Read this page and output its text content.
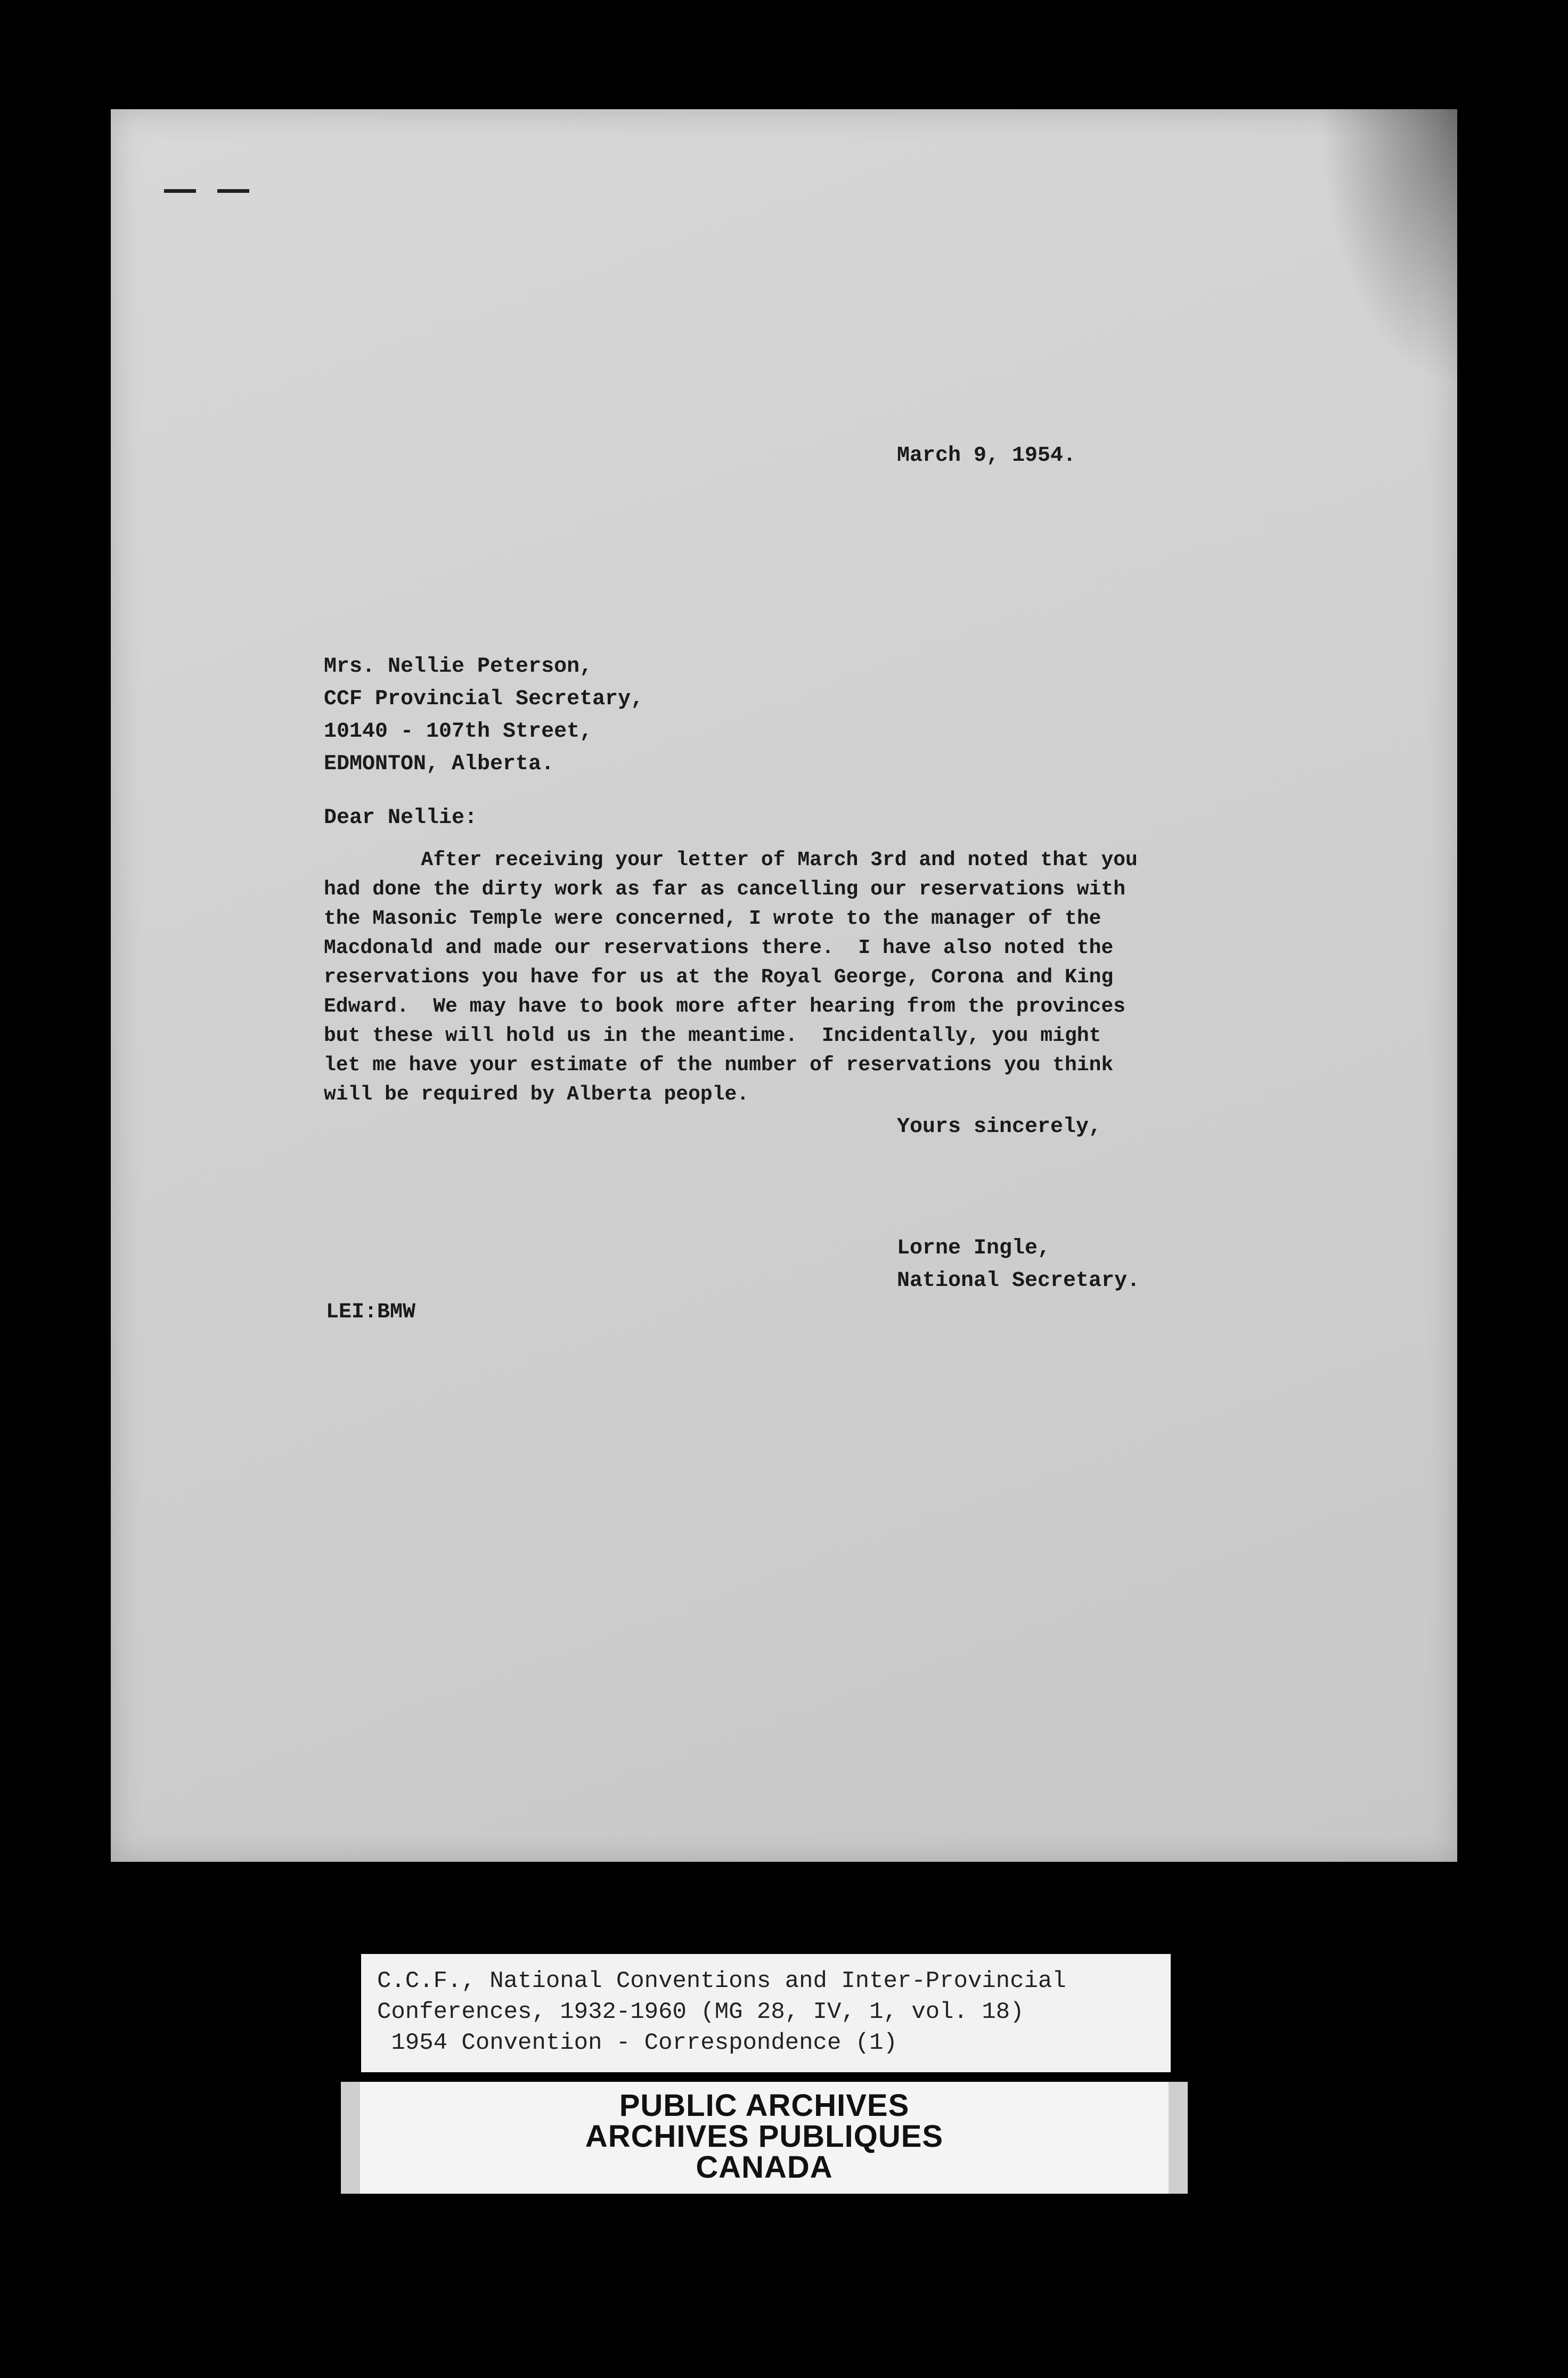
March 9, 1954.

Mrs. Nellie Peterson,

CCF Provincial Secretary,

10140 - 107th Street,

EDMONTON, Alberta.

Dear Nellie:

After receiving your letter of March 3rd and noted that you
had done the dirty work as far as cancelling our reservations with
the Masonic Temple were concerned, I wrote to the manager of the
Macdonald and made our reservations there.  I have also noted the
reservations you have for us at the Royal George, Corona and King
Edward.  We may have to book more after hearing from the provinces
but these will hold us in the meantime.  Incidentally, you might
let me have your estimate of the number of reservations you think
will be required by Alberta people.

Yours sincerely,

Lorne Ingle,

National Secretary.

LEI:BMW

C.C.F., National Conventions and Inter-Provincial
Conferences, 1932-1960 (MG 28, IV, 1, vol. 18)
1954 Convention - Correspondence (1)
PUBLIC ARCHIVES
ARCHIVES PUBLIQUES
CANADA
